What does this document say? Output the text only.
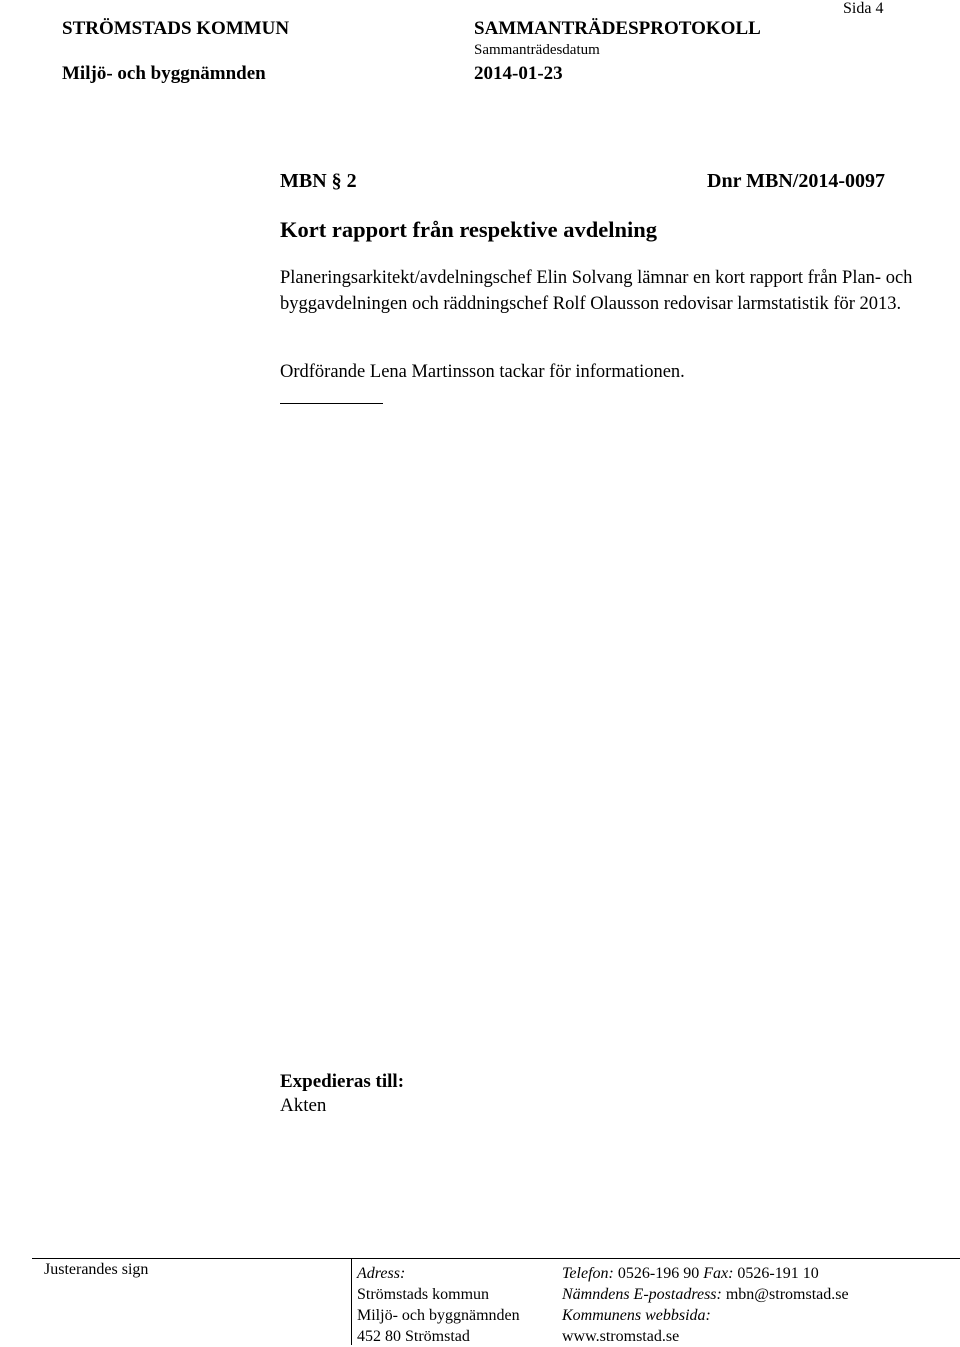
STRÖMSTADS KOMMUN
Miljö- och byggnämnden
SAMMANTRÄDESPROTOKOLL
Sammanträdesdatum
2014-01-23
Sida 4
MBN § 2	Dnr MBN/2014-0097
Kort rapport från respektive avdelning
Planeringsarkitekt/avdelningschef Elin Solvang lämnar en kort rapport från Plan- och byggavdelningen och räddningschef Rolf Olausson redovisar larmstatistik för 2013.
Ordförande Lena Martinsson tackar för informationen.
Expedieras till:
Akten
Justerandes sign	Adress:
Strömstads kommun
Miljö- och byggnämnden
452 80 Strömstad
Telefon: 0526-196 90 Fax: 0526-191 10
Nämndens E-postadress: mbn@stromstad.se
Kommunens webbsida:
www.stromstad.se
